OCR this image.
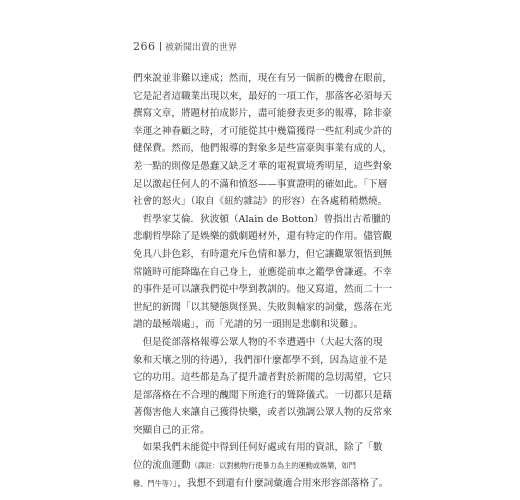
266 被新聞出賣的世界
們來說並非難以達成；然而，現在有另一個新的機會在眼前，
它是記者這職業出現以來，最好的一項工作，那落客必須每天
撰寫文章，將題材拍成影片，盡可能發表更多的報導，除非豪
幸運之神眷顧之時，才可能從其中幾篇獲得一些紅利或少許的
健保費。然而，他們報導的對象多是些富豪與事業有成的人，
差一點的則像是愚蠢又缺乏才華的電視實境秀明星，這些對象
足以激起任何人的不滿和憤怒——事實證明的確如此。「下層
社會的怒火」（取自《紐約雜誌》的形容）在各處稍稍燃燒。
哲學家艾倫．狄波頓（Alain de Botton）曾指出古希臘的
悲劇哲學除了是娛樂的戲劇題材外，還有特定的作用。儘管觀
免具八卦色彩，有時還充斥色情和暴力，但它讓觀眾領悟到無
常隨時可能降臨在自己身上，並應從前車之鑑學會謙遜。不幸
的事件是可以讓我們從中學到教訓的。他又寫道，然而二十一
世紀的新聞「以其變態與怪異、失敗與輸家的詞彙，慫落在光
譜的最極端處」，而「光譜的另一頭則是悲劇和災難」。
但是從部落格報導公眾人物的不幸遭遇中（大起大落的現
象和天壤之別的待遇），我們卻什麼都學不到，因為這並不是
它的功用。這些都是為了提升讀者對於新聞的急切渴望，它只
是部落格在不合理的醜聞下所進行的聳降儀式。一切都只是藉
著傷害他人來讓自己獲得快樂，或者以強調公眾人物的反常來
突顯自己的正常。
如果我們未能從中得到任何好處或有用的資訊，除了「數
位的流血運動（譯註：以對動物行使暴力為主的運動或娛樂，如鬥
雞、鬥牛等）」，我想不到還有什麼詞彙適合用來形容部落格了。
